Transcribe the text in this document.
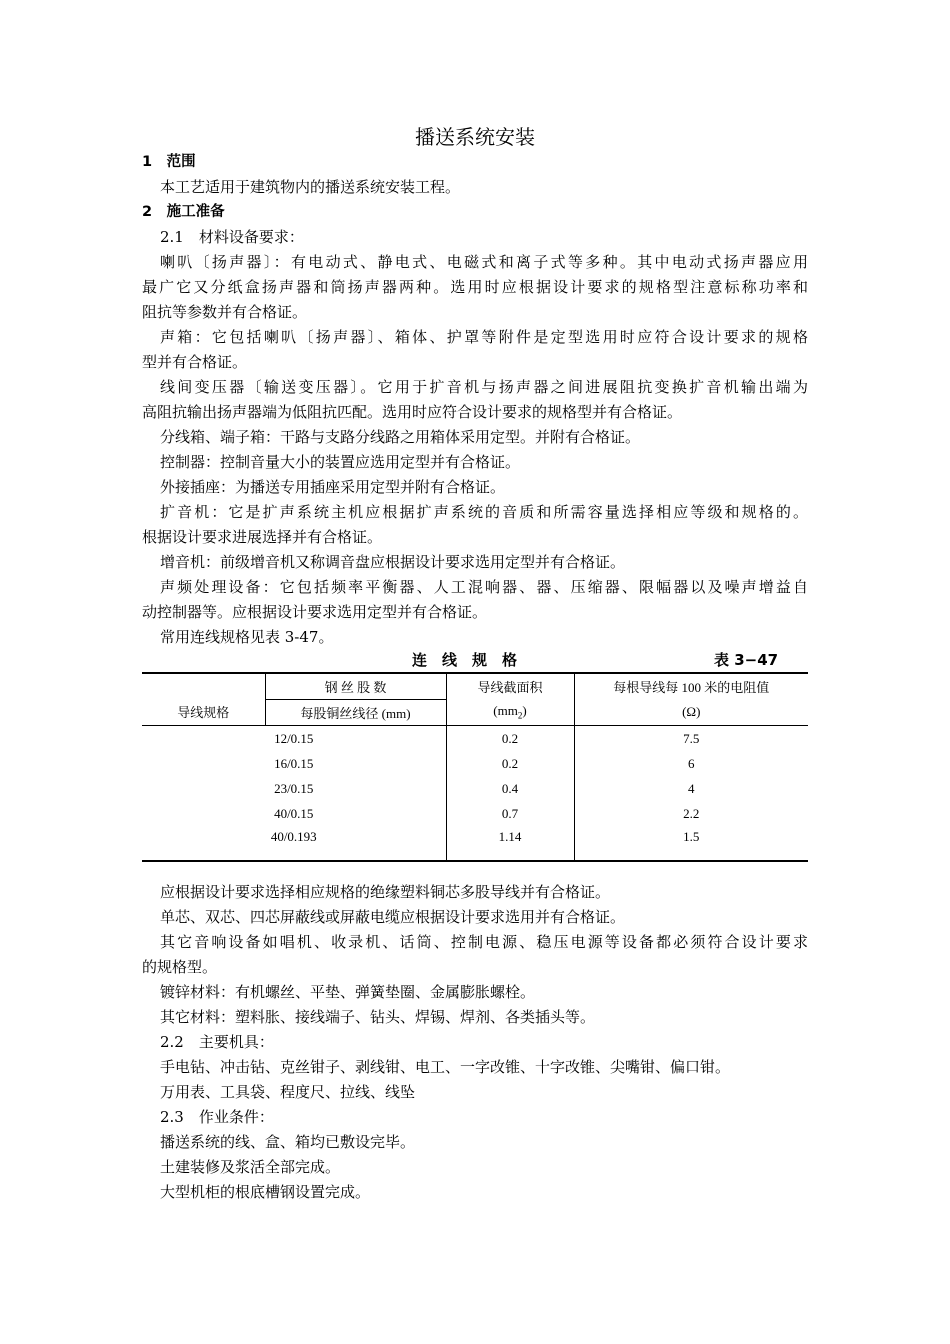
播送系统安装
1　范围
本工艺适用于建筑物内的播送系统安装工程。
2　施工准备
2.1　材料设备要求：
喇叭〔扬声器〕：有电动式、静电式、电磁式和离子式等多种。其中电动式扬声器应用
最广它又分纸盒扬声器和筒扬声器两种。选用时应根据设计要求的规格型注意标称功率和
阻抗等参数并有合格证。
声箱：它包括喇叭〔扬声器〕、箱体、护罩等附件是定型选用时应符合设计要求的规格
型并有合格证。
线间变压器〔输送变压器〕。它用于扩音机与扬声器之间进展阻抗变换扩音机输出端为
高阻抗输出扬声器端为低阻抗匹配。选用时应符合设计要求的规格型并有合格证。
分线箱、端子箱：干路与支路分线路之用箱体采用定型。并附有合格证。
控制器：控制音量大小的装置应选用定型并有合格证。
外接插座：为播送专用插座采用定型并附有合格证。
扩音机：它是扩声系统主机应根据扩声系统的音质和所需容量选择相应等级和规格的。
根据设计要求进展选择并有合格证。
增音机：前级增音机又称调音盘应根据设计要求选用定型并有合格证。
声频处理设备：它包括频率平衡器、人工混响器、器、压缩器、限幅器以及噪声增益自
动控制器等。应根据设计要求选用定型并有合格证。
常用连线规格见表 3-47。
连　线　规　格	表 3−47
导线规格	钢 丝 股 数	导线截面积	每根导线每 100 米的电阻值
	每股铜丝线径 (mm)	$(mm_2)$	(Ω)
12/0.15		0.2	7.5
16/0.15		0.2	6
23/0.15		0.4	4
40/0.15		0.7	2.2
40/0.193		1.14	1.5
应根据设计要求选择相应规格的绝缘塑料铜芯多股导线并有合格证。
单芯、双芯、四芯屏蔽线或屏蔽电缆应根据设计要求选用并有合格证。
其它音响设备如唱机、收录机、话筒、控制电源、稳压电源等设备都必须符合设计要求
的规格型。
镀锌材料：有机螺丝、平垫、弹簧垫圈、金属膨胀螺栓。
其它材料：塑料胀、接线端子、钻头、焊锡、焊剂、各类插头等。
2.2　主要机具：
手电钻、冲击钻、克丝钳子、剥线钳、电工、一字改锥、十字改锥、尖嘴钳、偏口钳。
万用表、工具袋、程度尺、拉线、线坠
2.3　作业条件：
播送系统的线、盒、箱均已敷设完毕。
土建装修及浆活全部完成。
大型机柜的根底槽钢设置完成。
